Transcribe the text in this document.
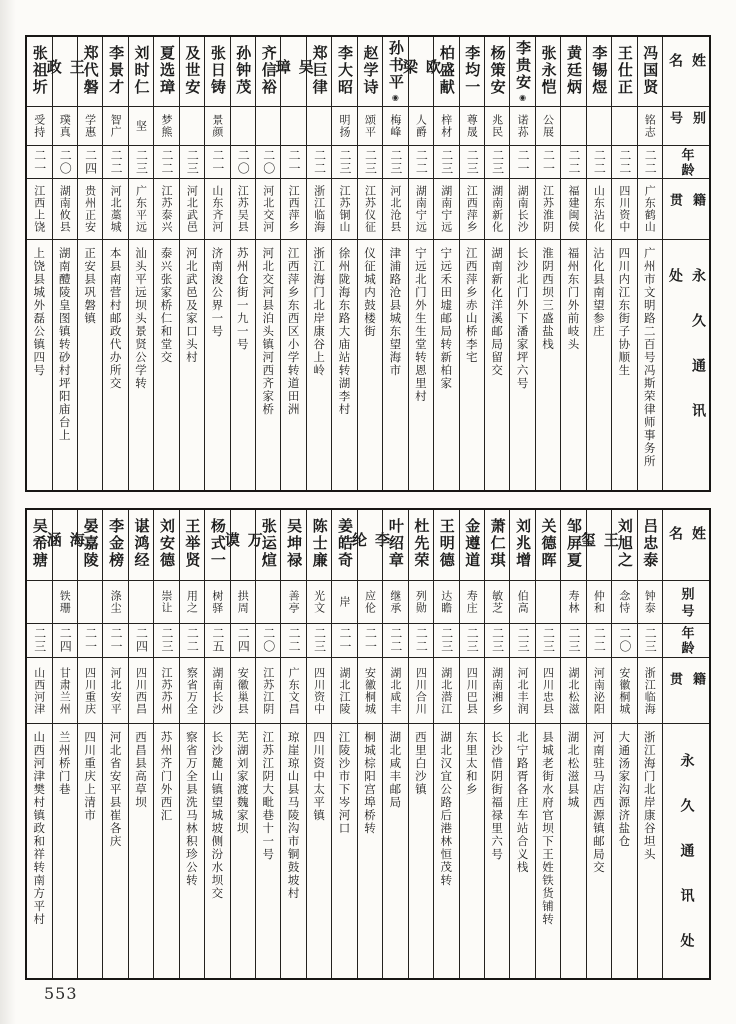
姓名
别号
年龄
籍贯
永久通讯处
冯国贤
铭志
二二
广东鹤山
广州市文明路二百号冯斯荣律师事务所
王仕正
二二
四川资中
四川内江东街子协顺生
李锡煜
二二
山东沾化
沾化县南望参庄
黄廷炳
二二
福建闽侯
福州东门外前岐头
张永恺
公展
二一
江苏淮阴
淮阴西坝三盛盐栈
李贵安
◉
诺荪
二一
湖南长沙
长沙北门外下潘家坪六号
杨策安
兆民
二三
湖南新化
湖南新化洋溪邮局留交
李均一
尊晟
二三
江西萍乡
江西萍乡赤山桥李宅
柏盛献
梓材
二三
湖南宁远
宁远禾田墟邮局转新柏家
欧梁
人爵
二二
湖南宁远
宁远北门外生生堂转恩里村
孙书平
◉
梅峰
二三
河北沧县
津浦路沧县城东望海市
赵学诗
颂平
二三
江苏仪征
仪征城内鼓楼街
李大昭
明扬
二三
江苏铜山
徐州陇海东路大庙站转湖李村
郑巨律
二二
浙江临海
浙江海门北岸康谷上岭
吴璋
二一
江西萍乡
江西萍乡东西区小学转道田洲
齐信裕
二〇
河北交河
河北交河县泊头镇河西齐家桥
孙钟茂
二〇
江苏吴县
苏州仓街一九一号
张日铸
景颜
二一
山东齐河
济南浚公界一号
及世安
二三
河北武邑
河北武邑及家口头村
夏选璋
梦熊
二二
江苏泰兴
泰兴张家桥仁和堂交
刘时仁
坚
二三
广东平远
汕头平远坝头景贤公学转
李景才
智广
二二
河北藁城
本县南营村邮政代办所交
郑代磐
学惠
二四
贵州正安
正安县巩磐镇
王政
璞真
二〇
湖南攸县
湖南醴陵皇图镇转砂村坪阳庙台上
张祖圻
受持
二一
江西上饶
上饶县城外磊公镇四号
姓名
别号
年龄
籍贯
永久通讯处
吕忠泰
钟泰
二三
浙江临海
浙江海门北岸康谷坦头
刘旭之
念恃
二〇
安徽桐城
大通汤家沟源济盐仓
王玺
仲和
二二
河南泌阳
河南驻马店西源镇邮局交
邹屏夏
寿林
二三
湖北松滋
湖北松滋县城
关德晖
二三
四川忠县
县城老街水府官坝下王姓铁货铺转
刘兆增
伯高
二三
河北丰润
北宁路胥各庄车站合义栈
萧仁琪
敏芝
二三
湖南湘乡
长沙惜阴街福禄里六号
金遵道
寿庄
二三
四川巴县
东里太和乡
王明德
达瞻
二三
湖北潜江
湖北汉宜公路后港林恒茂转
杜先荣
列勋
二二
四川合川
西里白沙镇
叶绍章
继承
二二
湖北咸丰
湖北咸丰邮局
李纶
应伦
二一
安徽桐城
桐城棕阳宫埠桥转
姜皓奇
岸
二一
湖北江陵
江陵沙市下岑河口
陈士廉
光文
二三
四川资中
四川资中太平镇
吴坤禄
善亭
二二
广东文昌
琼崖琼山县马陵沟市铜鼓坡村
张运煊
二〇
江苏江阴
江苏江阴大毗巷十一号
万谟
拱周
二四
安徽巢县
芜湖刘家渡魏家坝
杨式一
树驿
二五
湖南长沙
长沙麓山镇望城坡侧汾水坝交
王举贤
用之
二二
察省万全
察省万全县洗马林积珍公转
刘安德
崇让
二三
江苏苏州
苏州齐门外西汇
谌鸿经
二四
四川西昌
西昌县高草坝
李金榜
涤尘
二一
河北安平
河北省安平县崔各庆
晏嘉陵
二一
四川重庆
四川重庆上清市
海涵
铁珊
二四
甘肃兰州
兰州桥门巷
吴希瑭
二三
山西河津
山西河津樊村镇政和祥转南方平村
553
